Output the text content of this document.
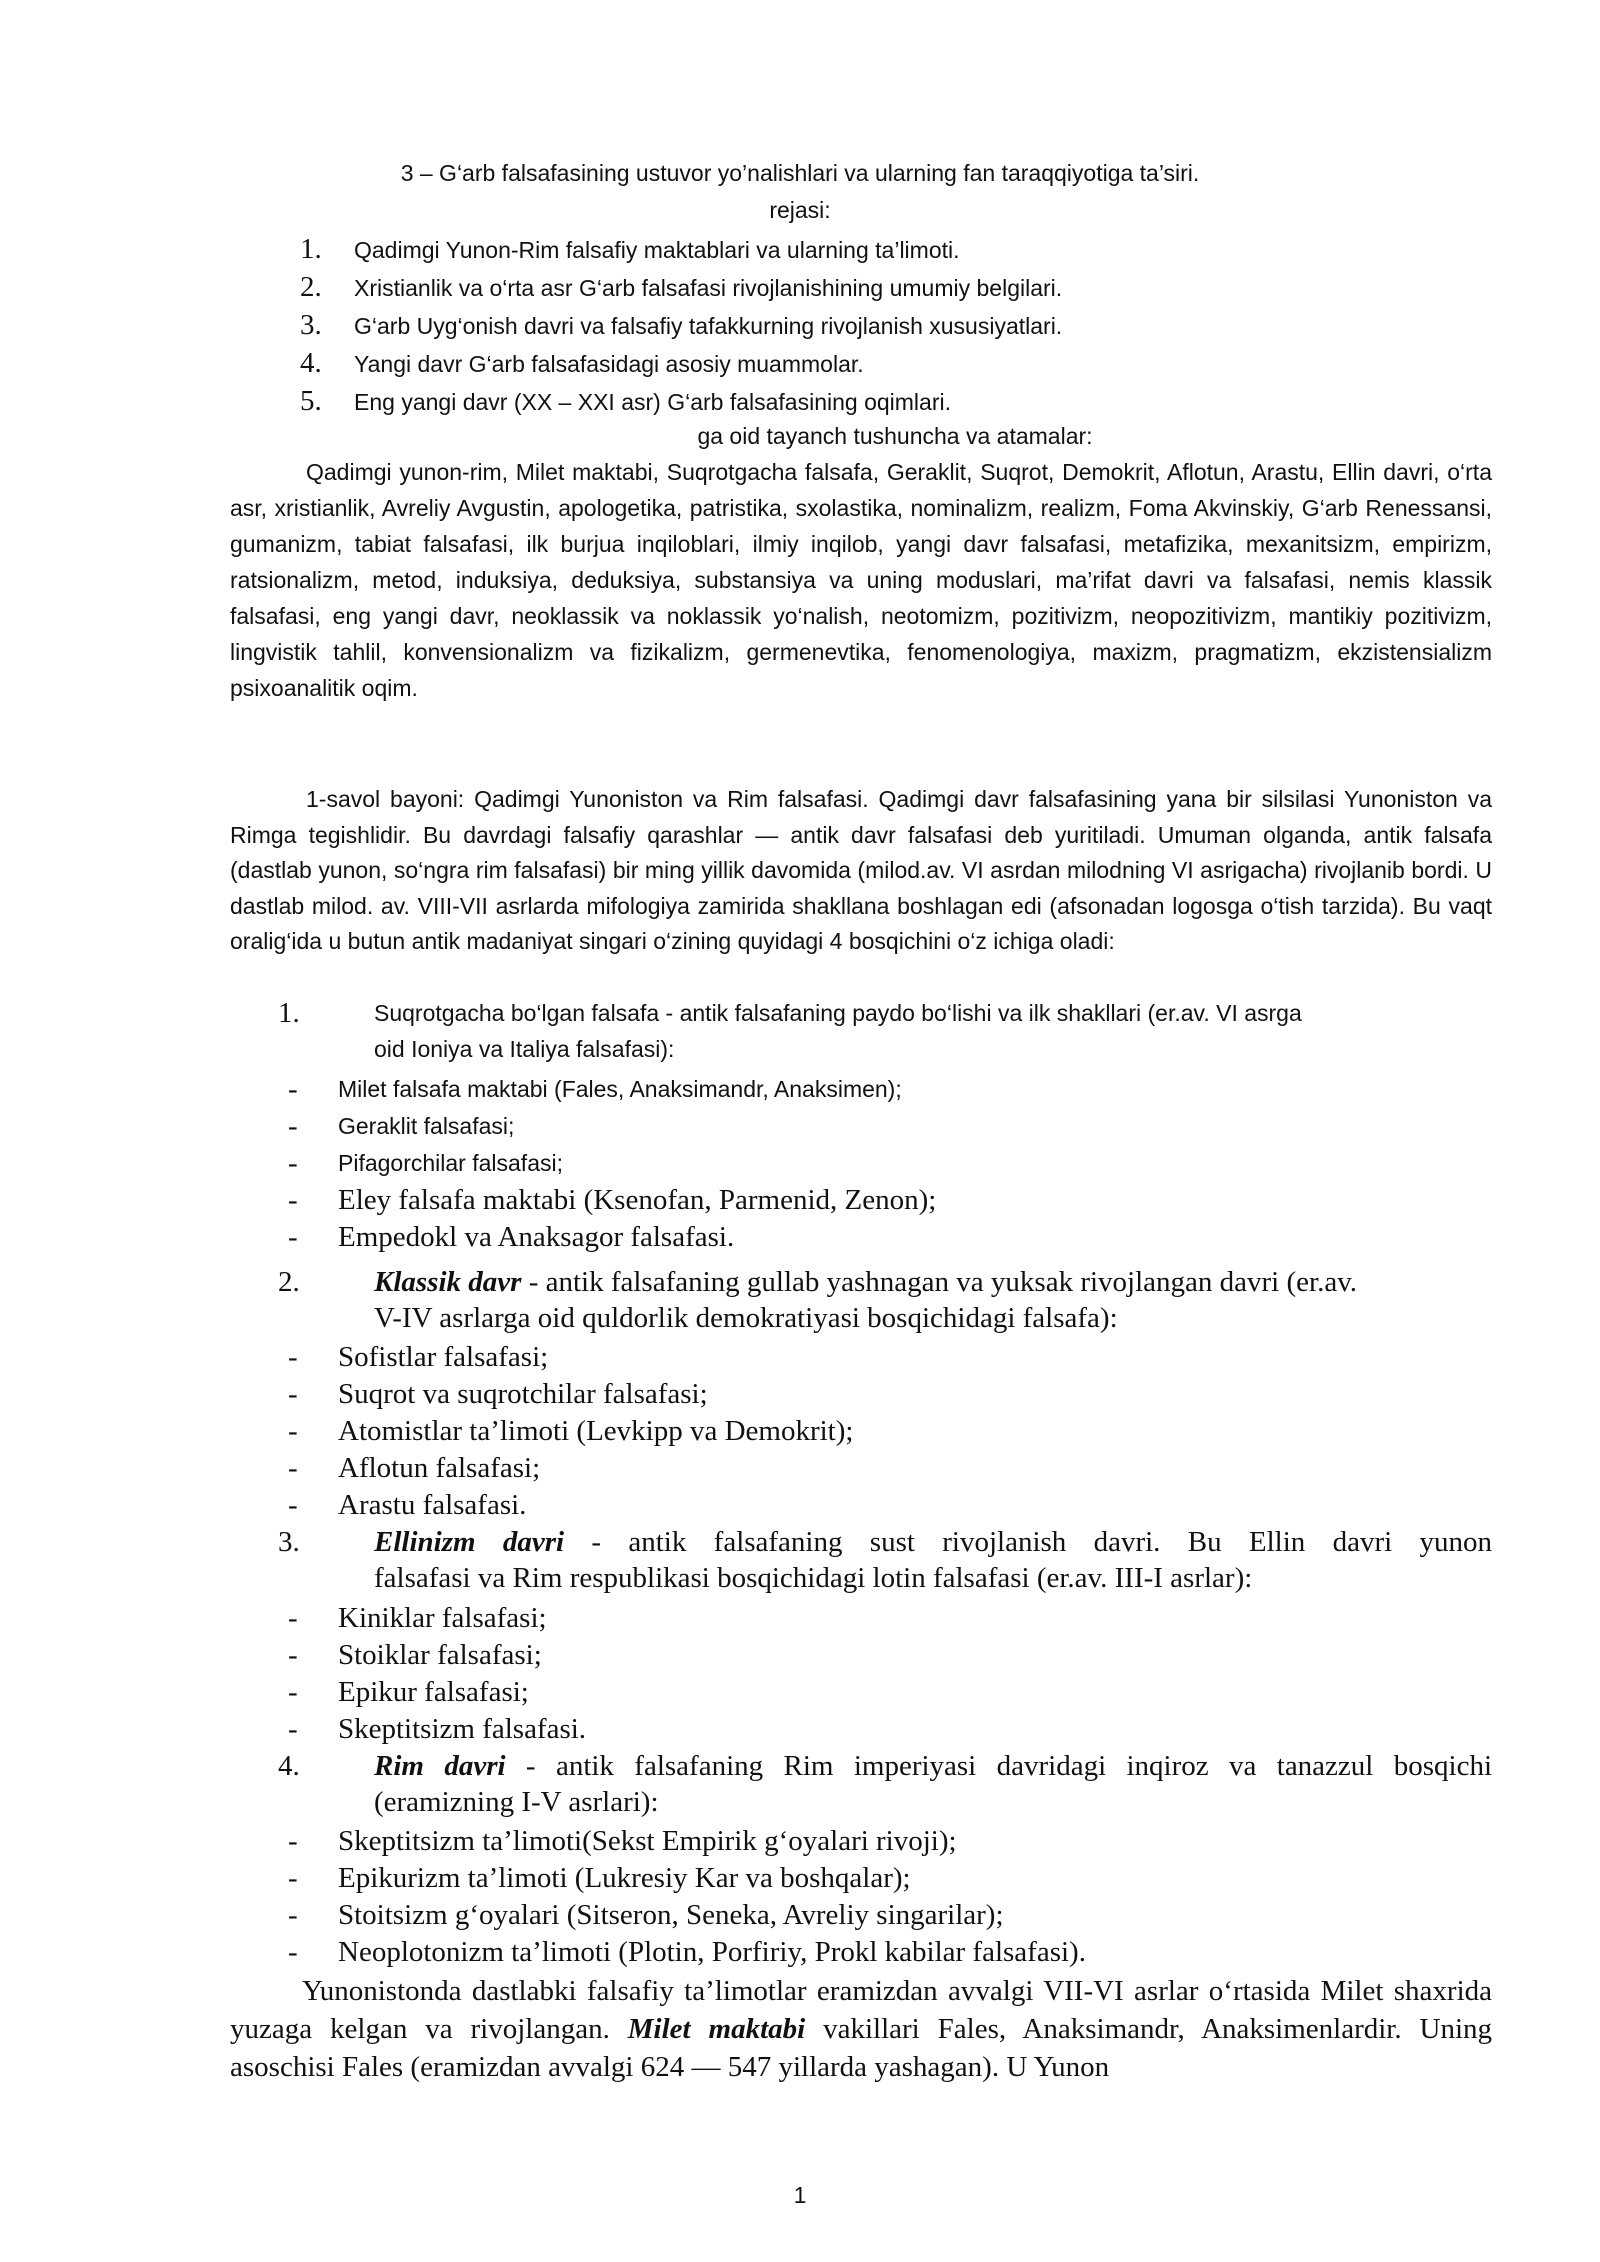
3 – G‘arb falsafasining ustuvor yo’nalishlari va ularning fan taraqqiyotiga ta’siri.
rejasi:
1. Qadimgi Yunon-Rim falsafiy maktablari va ularning ta’limoti.
2. Xristianlik va o‘rta asr G‘arb falsafasi rivojlanishining umumiy belgilari.
3. G‘arb Uyg‘onish davri va falsafiy tafakkurning rivojlanish xususiyatlari.
4. Yangi davr G‘arb falsafasidagi asosiy muammolar.
5. Eng yangi davr (XX – XXI asr) G‘arb falsafasining oqimlari.
ga oid tayanch tushuncha va atamalar:

Qadimgi yunon-rim, Milet maktabi, Suqrotgacha falsafa, Geraklit, Suqrot, Demokrit, Aflotun, Arastu, Ellin davri, o‘rta asr, xristianlik, Avreliy Avgustin, apologetika, patristika, sxolastika, nominalizm, realizm, Foma Akvinskiy, G‘arb Renessansi, gumanizm, tabiat falsafasi, ilk burjua inqiloblari, ilmiy inqilob, yangi davr falsafasi, metafizika, mexanitsizm, empirizm, ratsionalizm, metod, induksiya, deduksiya, substansiya va uning moduslari, ma’rifat davri va falsafasi, nemis klassik falsafasi, eng yangi davr, neoklassik va noklassik yo‘nalish, neotomizm, pozitivizm, neopozitivizm, mantikiy pozitivizm, lingvistik tahlil, konvensionalizm va fizikalizm, germenevtika, fenomenologiya, maxizm, pragmatizm, ekzistensializm psixoanalitik oqim.

1-savol bayoni: Qadimgi Yunoniston va Rim falsafasi. Qadimgi davr falsafasining yana bir silsilasi Yunoniston va Rimga tegishlidir. Bu davrdagi falsafiy qarashlar — antik davr falsafasi deb yuritiladi. Umuman olganda, antik falsafa (dastlab yunon, so‘ngra rim falsafasi) bir ming yillik davomida (milod.av. VI asrdan milodning VI asrigacha) rivojlanib bordi. U dastlab milod. av. VIII-VII asrlarda mifologiya zamirida shakllana boshlagan edi (afsonadan logosga o‘tish tarzida). Bu vaqt oralig‘ida u butun antik madaniyat singari o‘zining quyidagi 4 bosqichini o‘z ichiga oladi:

1.	Suqrotgacha bo‘lgan falsafa - antik falsafaning paydo bo‘lishi va ilk shakllari (er.av. VI asrga
oid Ioniya va Italiya falsafasi):
- Milet falsafa maktabi (Fales, Anaksimandr, Anaksimen);
- Geraklit falsafasi;
- Pifagorchilar falsafasi;
- Eley falsafa maktabi (Ksenofan, Parmenid, Zenon);
- Empedokl va Anaksagor falsafasi.
2.	Klassik davr - antik falsafaning gullab yashnagan va yuksak rivojlangan davri (er.av.
V-IV asrlarga oid quldorlik demokratiyasi bosqichidagi falsafa):
- Sofistlar falsafasi;
- Suqrot va suqrotchilar falsafasi;
- Atomistlar ta’limoti (Levkipp va Demokrit);
- Aflotun falsafasi;
- Arastu falsafasi.
3.	Ellinizm davri - antik falsafaning sust rivojlanish davri. Bu Ellin davri yunon
falsafasi va Rim respublikasi bosqichidagi lotin falsafasi (er.av. III-I asrlar):
- Kiniklar falsafasi;
- Stoiklar falsafasi;
- Epikur falsafasi;
- Skeptitsizm falsafasi.
4.	Rim davri - antik falsafaning Rim imperiyasi davridagi inqiroz va tanazzul bosqichi
(eramizning I-V asrlari):
- Skeptitsizm ta’limoti(Sekst Empirik g‘oyalari rivoji);
- Epikurizm ta’limoti (Lukresiy Kar va boshqalar);
- Stoitsizm g‘oyalari (Sitseron, Seneka, Avreliy singarilar);
- Neoplotonizm ta’limoti (Plotin, Porfiriy, Prokl kabilar falsafasi).

Yunonistonda dastlabki falsafiy ta’limotlar eramizdan avvalgi VII-VI asrlar o‘rtasida Milet shaxrida yuzaga kelgan va rivojlangan. Milet maktabi vakillari Fales, Anaksimandr, Anaksimenlardir. Uning asoschisi Fales (eramizdan avvalgi 624 — 547 yillarda yashagan). U Yunon

1
